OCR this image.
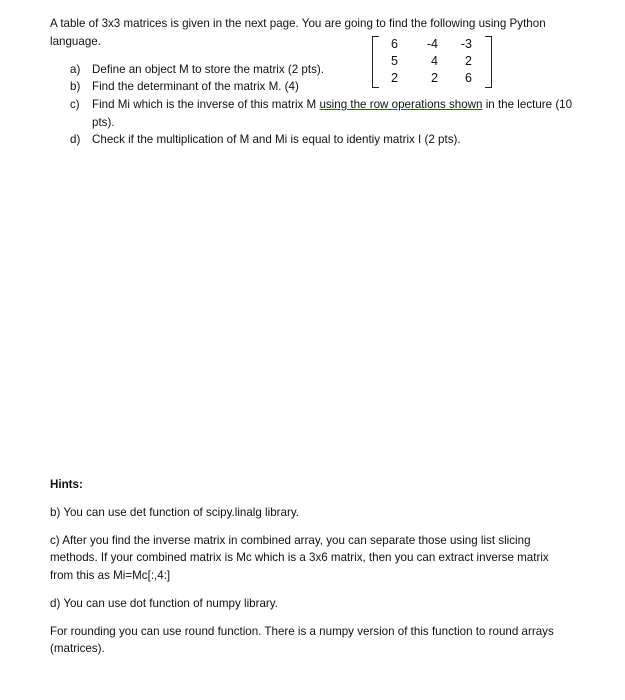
A table of 3x3 matrices is given in the next page. You are going to find the following using Python
language.	6	-4	-3
5	4	2
2	2	6
a) Define an object M to store the matrix (2 pts).
b) Find the determinant of the matrix M. (4)
c) Find Mi which is the inverse of this matrix M using the row operations shown in the lecture (10
pts).
d) Check if the multiplication of M and Mi is equal to identiy matrix I (2 pts).
Hints:
b) You can use det function of scipy.linalg library.
c) After you find the inverse matrix in combined array, you can separate those using list slicing
methods. If your combined matrix is Mc which is a 3x6 matrix, then you can extract inverse matrix
from this as Mi=Mc[:,4:]
d) You can use dot function of numpy library.
For rounding you can use round function. There is a numpy version of this function to round arrays
(matrices).
